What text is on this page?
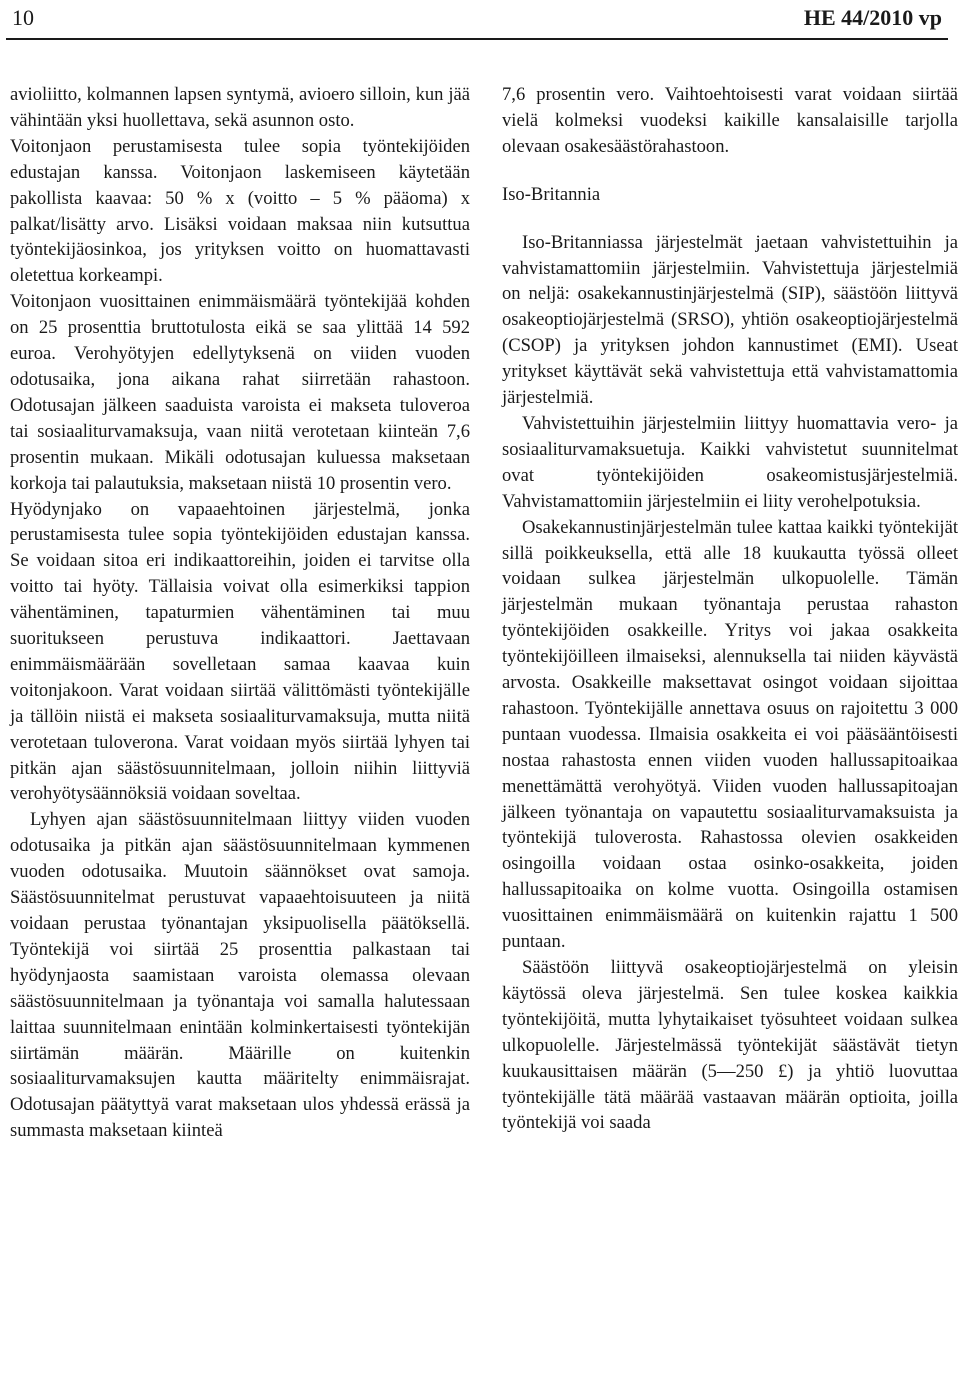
10	HE 44/2010 vp

avioliitto, kolmannen lapsen syntymä, avioero silloin, kun jää vähintään yksi huollettava, sekä asunnon osto.

Voitonjaon perustamisesta tulee sopia työntekijöiden edustajan kanssa. Voitonjaon laskemiseen käytetään pakollista kaavaa: 50 % x (voitto – 5 % pääoma) x palkat/lisätty arvo. Lisäksi voidaan maksaa niin kutsuttua työntekijäosinkoa, jos yrityksen voitto on huomattavasti oletettua korkeampi.

Voitonjaon vuosittainen enimmäismäärä työntekijää kohden on 25 prosenttia bruttotulosta eikä se saa ylittää 14 592 euroa. Verohyötyjen edellytyksenä on viiden vuoden odotusaika, jona aikana rahat siirretään rahastoon. Odotusajan jälkeen saaduista varoista ei makseta tuloveroa tai sosiaaliturvamaksuja, vaan niitä verotetaan kiinteän 7,6 prosentin mukaan. Mikäli odotusajan kuluessa maksetaan korkoja tai palautuksia, maksetaan niistä 10 prosentin vero.

Hyödynjako on vapaaehtoinen järjestelmä, jonka perustamisesta tulee sopia työntekijöiden edustajan kanssa. Se voidaan sitoa eri indikaattoreihin, joiden ei tarvitse olla voitto tai hyöty. Tällaisia voivat olla esimerkiksi tappion vähentäminen, tapaturmien vähentäminen tai muu suoritukseen perustuva indikaattori. Jaettavaan enimmäismäärään sovelletaan samaa kaavaa kuin voitonjakoon. Varat voidaan siirtää välittömästi työntekijälle ja tällöin niistä ei makseta sosiaaliturvamaksuja, mutta niitä verotetaan tuloverona. Varat voidaan myös siirtää lyhyen tai pitkän ajan säästösuunnitelmaan, jolloin niihin liittyviä verohyötysäännöksiä voidaan soveltaa.

Lyhyen ajan säästösuunnitelmaan liittyy viiden vuoden odotusaika ja pitkän ajan säästösuunnitelmaan kymmenen vuoden odotusaika. Muutoin säännökset ovat samoja. Säästösuunnitelmat perustuvat vapaaehtoisuuteen ja niitä voidaan perustaa työnantajan yksipuolisella päätöksellä. Työntekijä voi siirtää 25 prosenttia palkastaan tai hyödynjaosta saamistaan varoista olemassa olevaan säästösuunnitelmaan ja työnantaja voi samalla halutessaan laittaa suunnitelmaan enintään kolminkertaisesti työntekijän siirtämän määrän. Määrille on kuitenkin sosiaaliturvamaksujen kautta määritelty enimmäisrajat. Odotusajan päätyttyä varat maksetaan ulos yhdessä erässä ja summasta maksetaan kiinteä

7,6 prosentin vero. Vaihtoehtoisesti varat voidaan siirtää vielä kolmeksi vuodeksi kaikille kansalaisille tarjolla olevaan osakesäästörahastoon.

Iso-Britannia

Iso-Britanniassa järjestelmät jaetaan vahvistettuihin ja vahvistamattomiin järjestelmiin. Vahvistettuja järjestelmiä on neljä: osakekannustinjärjestelmä (SIP), säästöön liittyvä osakeoptiojärjestelmä (SRSO), yhtiön osakeoptiojärjestelmä (CSOP) ja yrityksen johdon kannustimet (EMI). Useat yritykset käyttävät sekä vahvistettuja että vahvistamattomia järjestelmiä.

Vahvistettuihin järjestelmiin liittyy huomattavia vero- ja sosiaaliturvamaksuetuja. Kaikki vahvistetut suunnitelmat ovat työntekijöiden osakeomistusjärjestelmiä. Vahvistamattomiin järjestelmiin ei liity verohelpotuksia.

Osakekannustinjärjestelmän tulee kattaa kaikki työntekijät sillä poikkeuksella, että alle 18 kuukautta työssä olleet voidaan sulkea järjestelmän ulkopuolelle. Tämän järjestelmän mukaan työnantaja perustaa rahaston työntekijöiden osakkeille. Yritys voi jakaa osakkeita työntekijöilleen ilmaiseksi, alennuksella tai niiden käyvästä arvosta. Osakkeille maksettavat osingot voidaan sijoittaa rahastoon. Työntekijälle annettava osuus on rajoitettu 3 000 puntaan vuodessa. Ilmaisia osakkeita ei voi pääsääntöisesti nostaa rahastosta ennen viiden vuoden hallussapitoaikaa menettämättä verohyötyä. Viiden vuoden hallussapitoajan jälkeen työnantaja on vapautettu sosiaaliturvamaksuista ja työntekijä tuloverosta. Rahastossa olevien osakkeiden osingoilla voidaan ostaa osinko-osakkeita, joiden hallussapitoaika on kolme vuotta. Osingoilla ostamisen vuosittainen enimmäismäärä on kuitenkin rajattu 1 500 puntaan.

Säästöön liittyvä osakeoptiojärjestelmä on yleisin käytössä oleva järjestelmä. Sen tulee koskea kaikkia työntekijöitä, mutta lyhytaikaiset työsuhteet voidaan sulkea ulkopuolelle. Järjestelmässä työntekijät säästävät tietyn kuukausittaisen määrän (5—250 £) ja yhtiö luovuttaa työntekijälle tätä määrää vastaavan määrän optioita, joilla työntekijä voi saada
